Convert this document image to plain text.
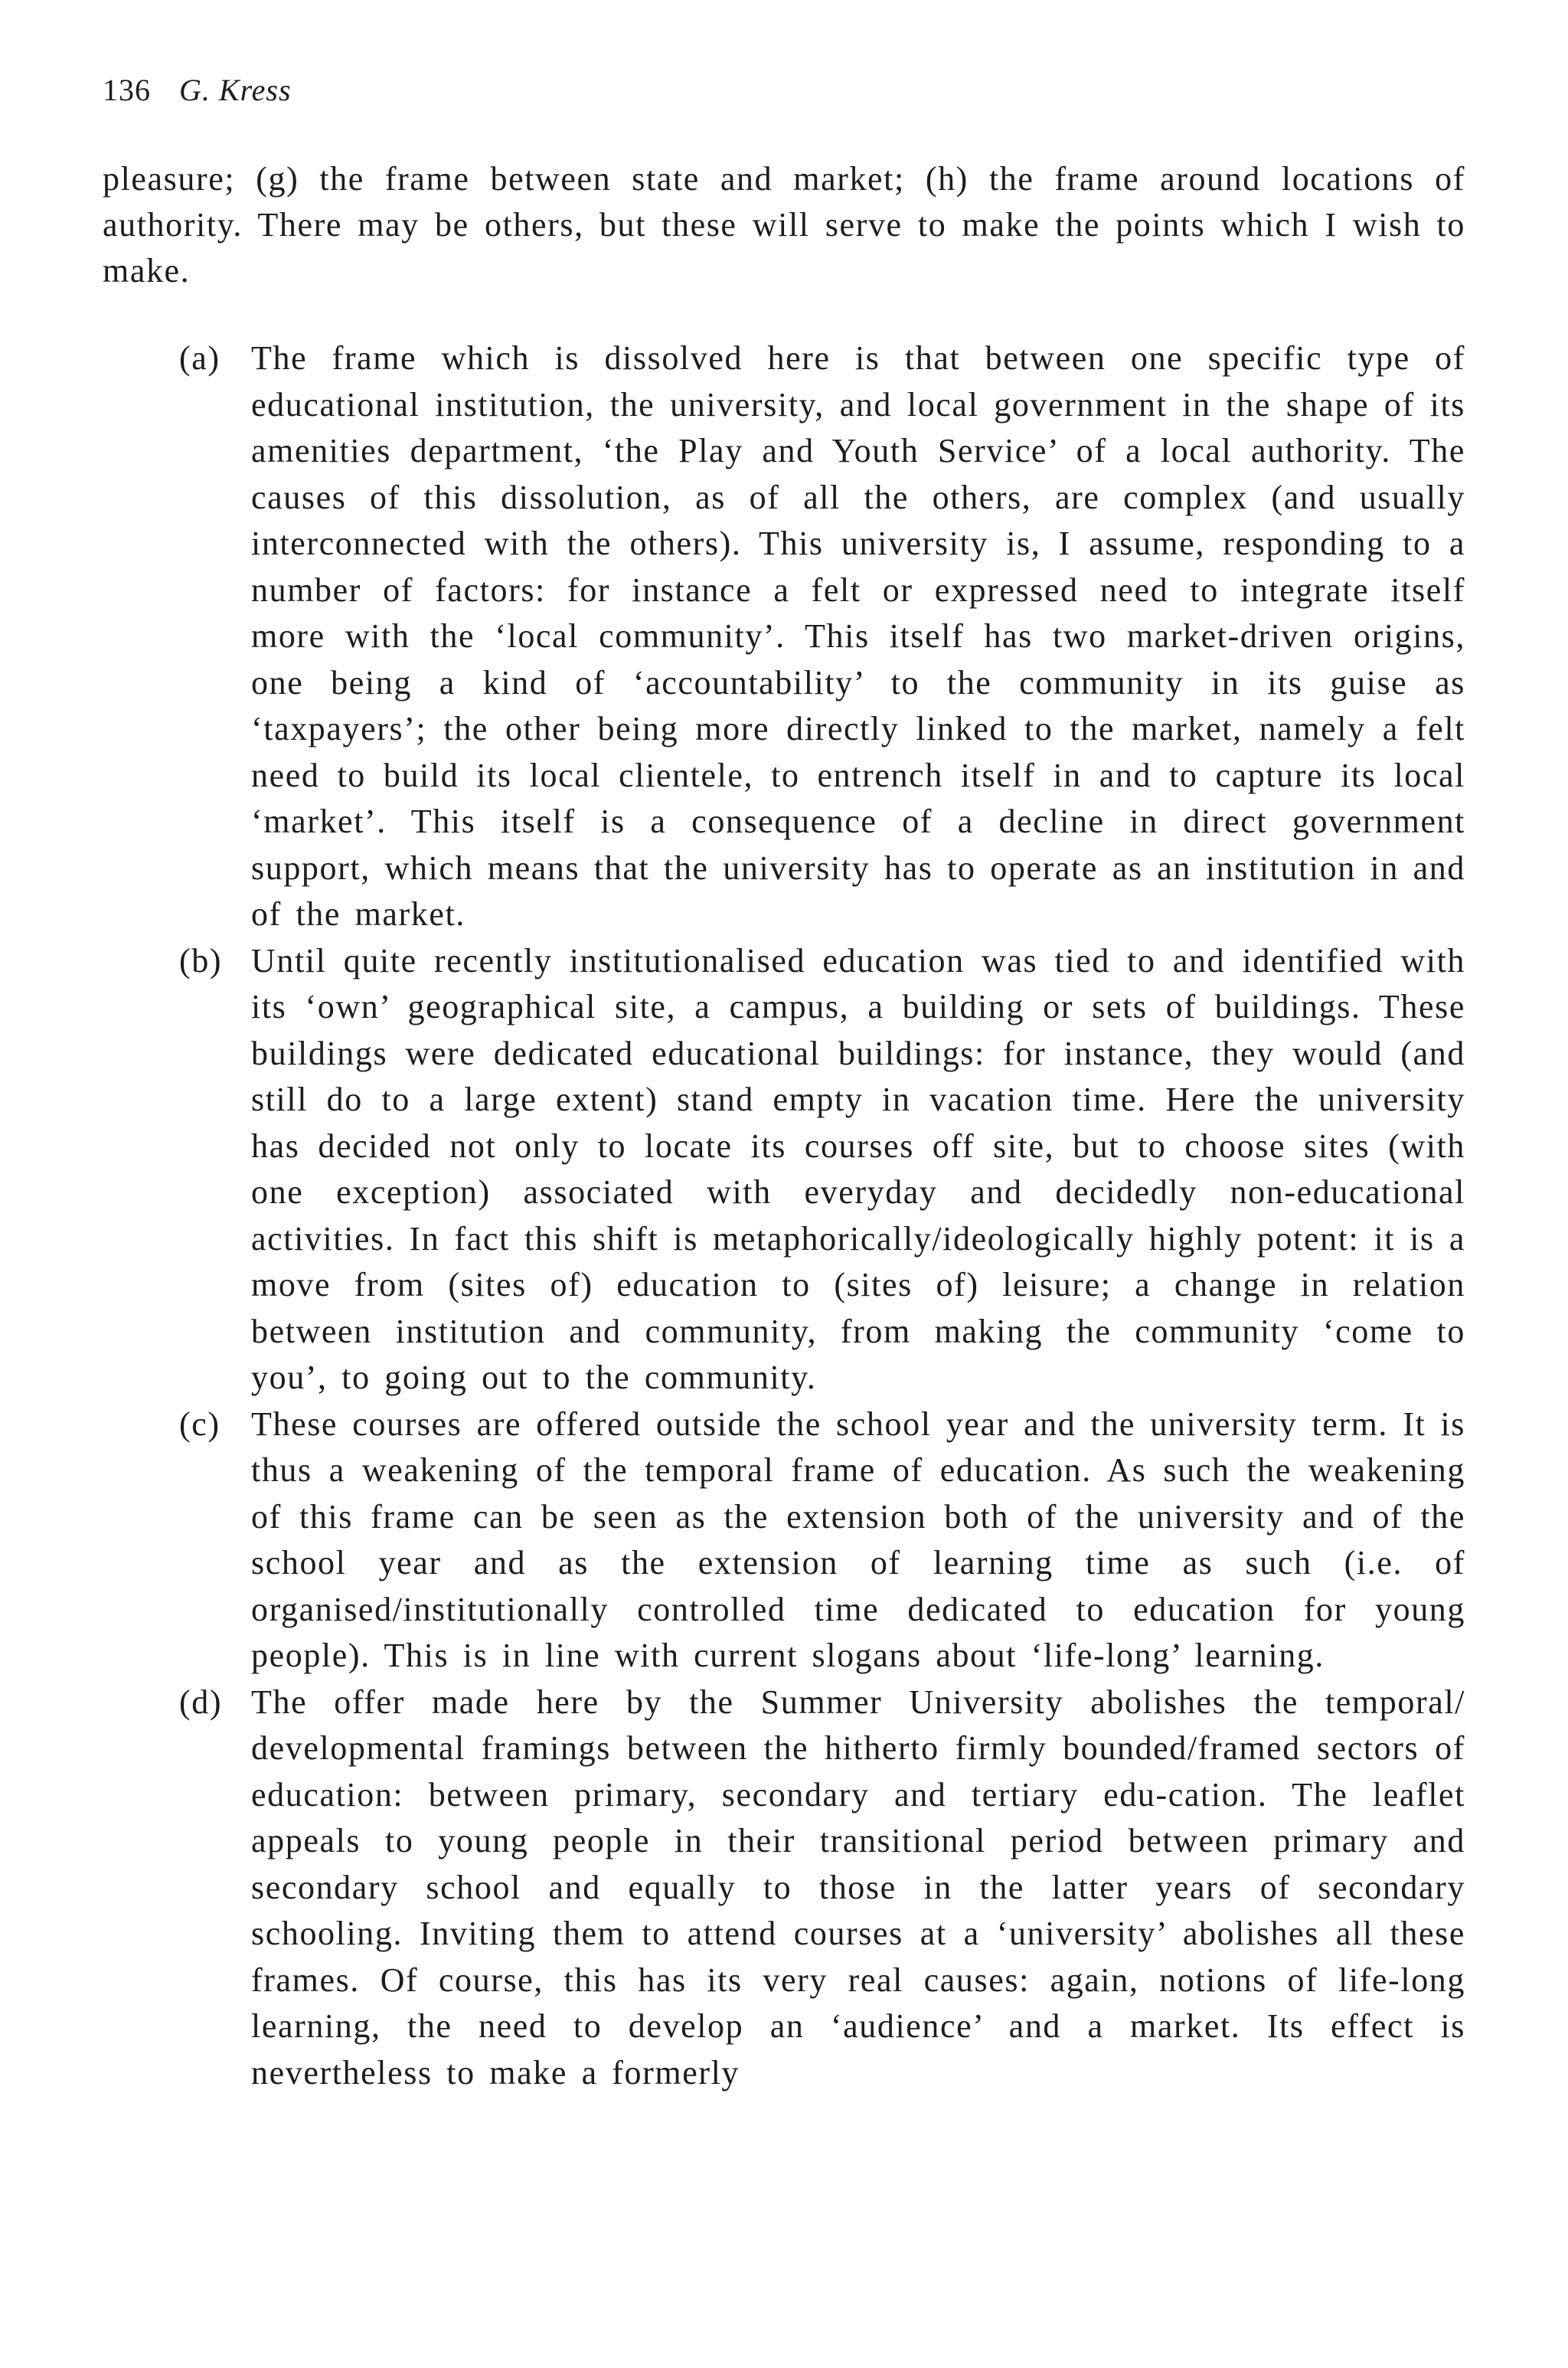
136 G. Kress

pleasure; (g) the frame between state and market; (h) the frame around locations of authority. There may be others, but these will serve to make the points which I wish to make.

(a) The frame which is dissolved here is that between one specific type of educational institution, the university, and local government in the shape of its amenities department, ‘the Play and Youth Service’ of a local authority. The causes of this dissolution, as of all the others, are complex (and usually interconnected with the others). This university is, I assume, responding to a number of factors: for instance a felt or expressed need to integrate itself more with the ‘local community’. This itself has two market-driven origins, one being a kind of ‘accountability’ to the community in its guise as ‘taxpayers’; the other being more directly linked to the market, namely a felt need to build its local clientele, to entrench itself in and to capture its local ‘market’. This itself is a consequence of a decline in direct government support, which means that the university has to operate as an institution in and of the market.
(b) Until quite recently institutionalised education was tied to and identified with its ‘own’ geographical site, a campus, a building or sets of buildings. These buildings were dedicated educational buildings: for instance, they would (and still do to a large extent) stand empty in vacation time. Here the university has decided not only to locate its courses off site, but to choose sites (with one exception) associated with everyday and decidedly non-educational activities. In fact this shift is metaphorically/ideologically highly potent: it is a move from (sites of) education to (sites of) leisure; a change in relation between institution and community, from making the community ‘come to you’, to going out to the community.
(c) These courses are offered outside the school year and the university term. It is thus a weakening of the temporal frame of education. As such the weakening of this frame can be seen as the extension both of the university and of the school year and as the extension of learning time as such (i.e. of organised/institutionally controlled time dedicated to education for young people). This is in line with current slogans about ‘life-long’ learning.
(d) The offer made here by the Summer University abolishes the temporal/ developmental framings between the hitherto firmly bounded/framed sectors of education: between primary, secondary and tertiary edu-cation. The leaflet appeals to young people in their transitional period between primary and secondary school and equally to those in the latter years of secondary schooling. Inviting them to attend courses at a ‘university’ abolishes all these frames. Of course, this has its very real causes: again, notions of life-long learning, the need to develop an ‘audience’ and a market. Its effect is nevertheless to make a formerly
